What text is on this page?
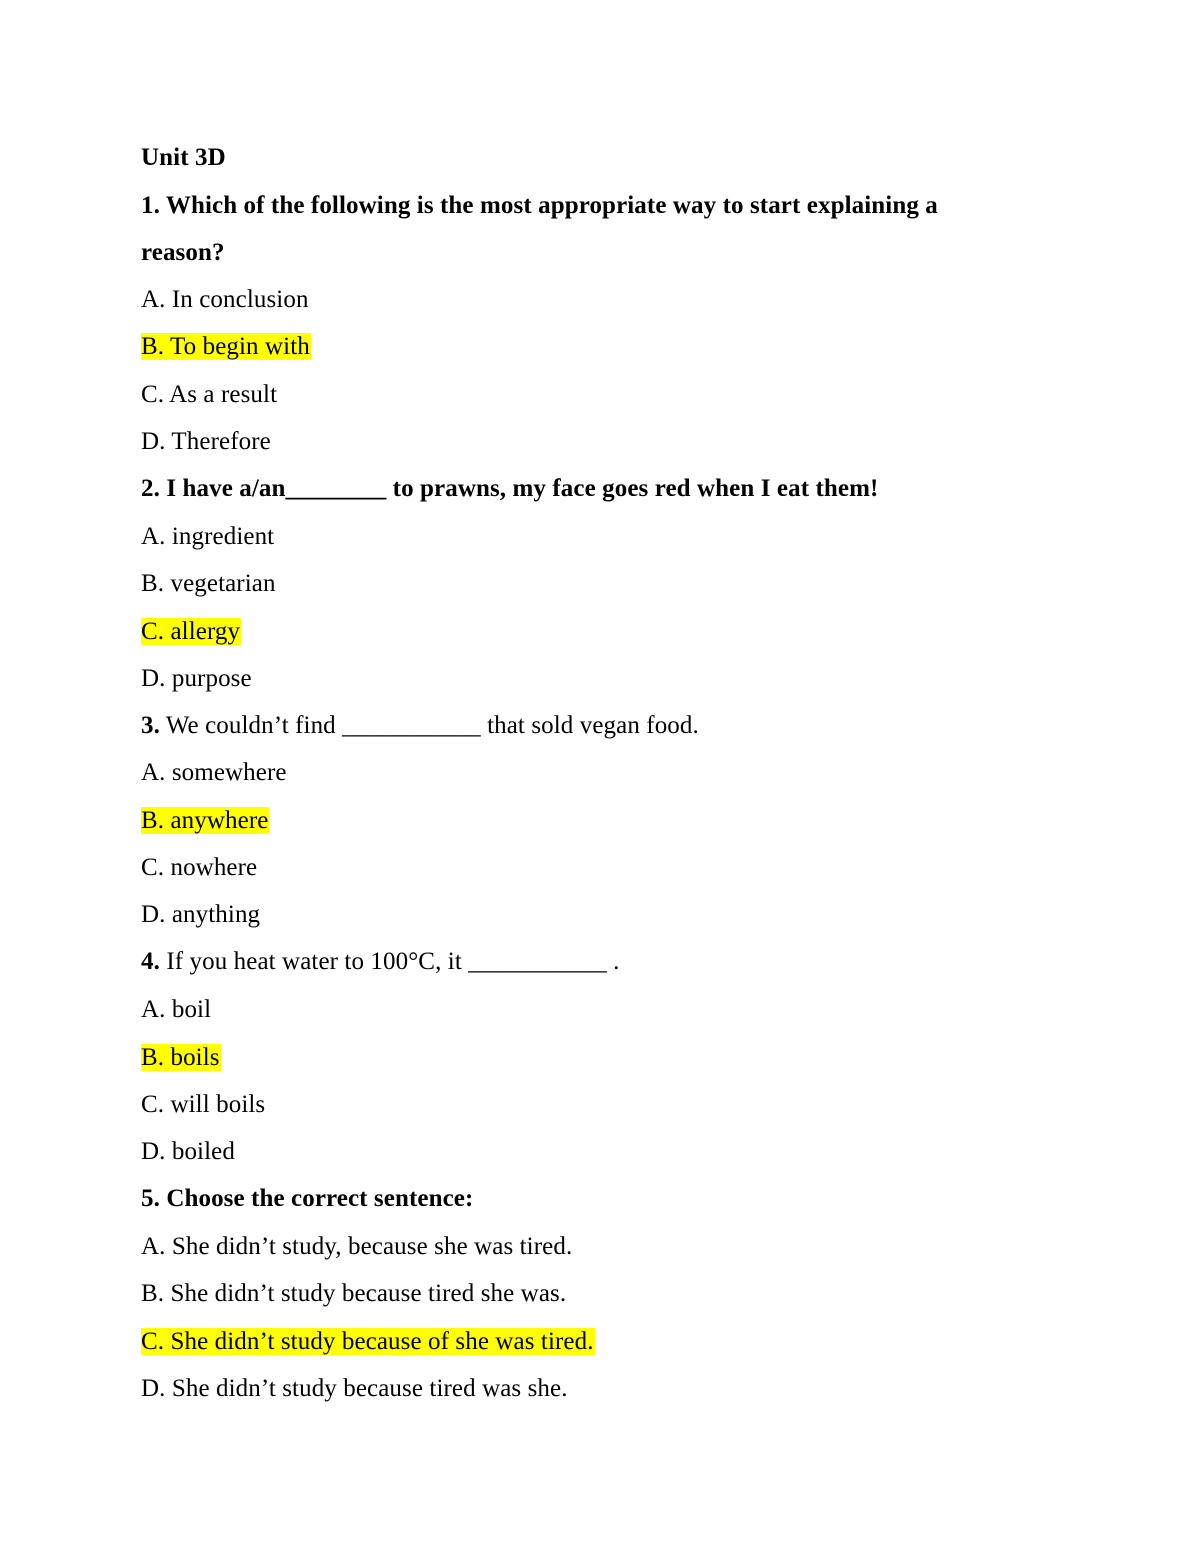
Unit 3D
1. Which of the following is the most appropriate way to start explaining a
reason?
A. In conclusion
B. To begin with
C. As a result
D. Therefore
2. I have a/an________ to prawns, my face goes red when I eat them!
A. ingredient
B. vegetarian
C. allergy
D. purpose
3. We couldn’t find ___________ that sold vegan food.
A. somewhere
B. anywhere
C. nowhere
D. anything
4. If you heat water to 100°C, it ___________ .
A. boil
B. boils
C. will boils
D. boiled
5. Choose the correct sentence:
A. She didn’t study, because she was tired.
B. She didn’t study because tired she was.
C. She didn’t study because of she was tired.
D. She didn’t study because tired was she.
